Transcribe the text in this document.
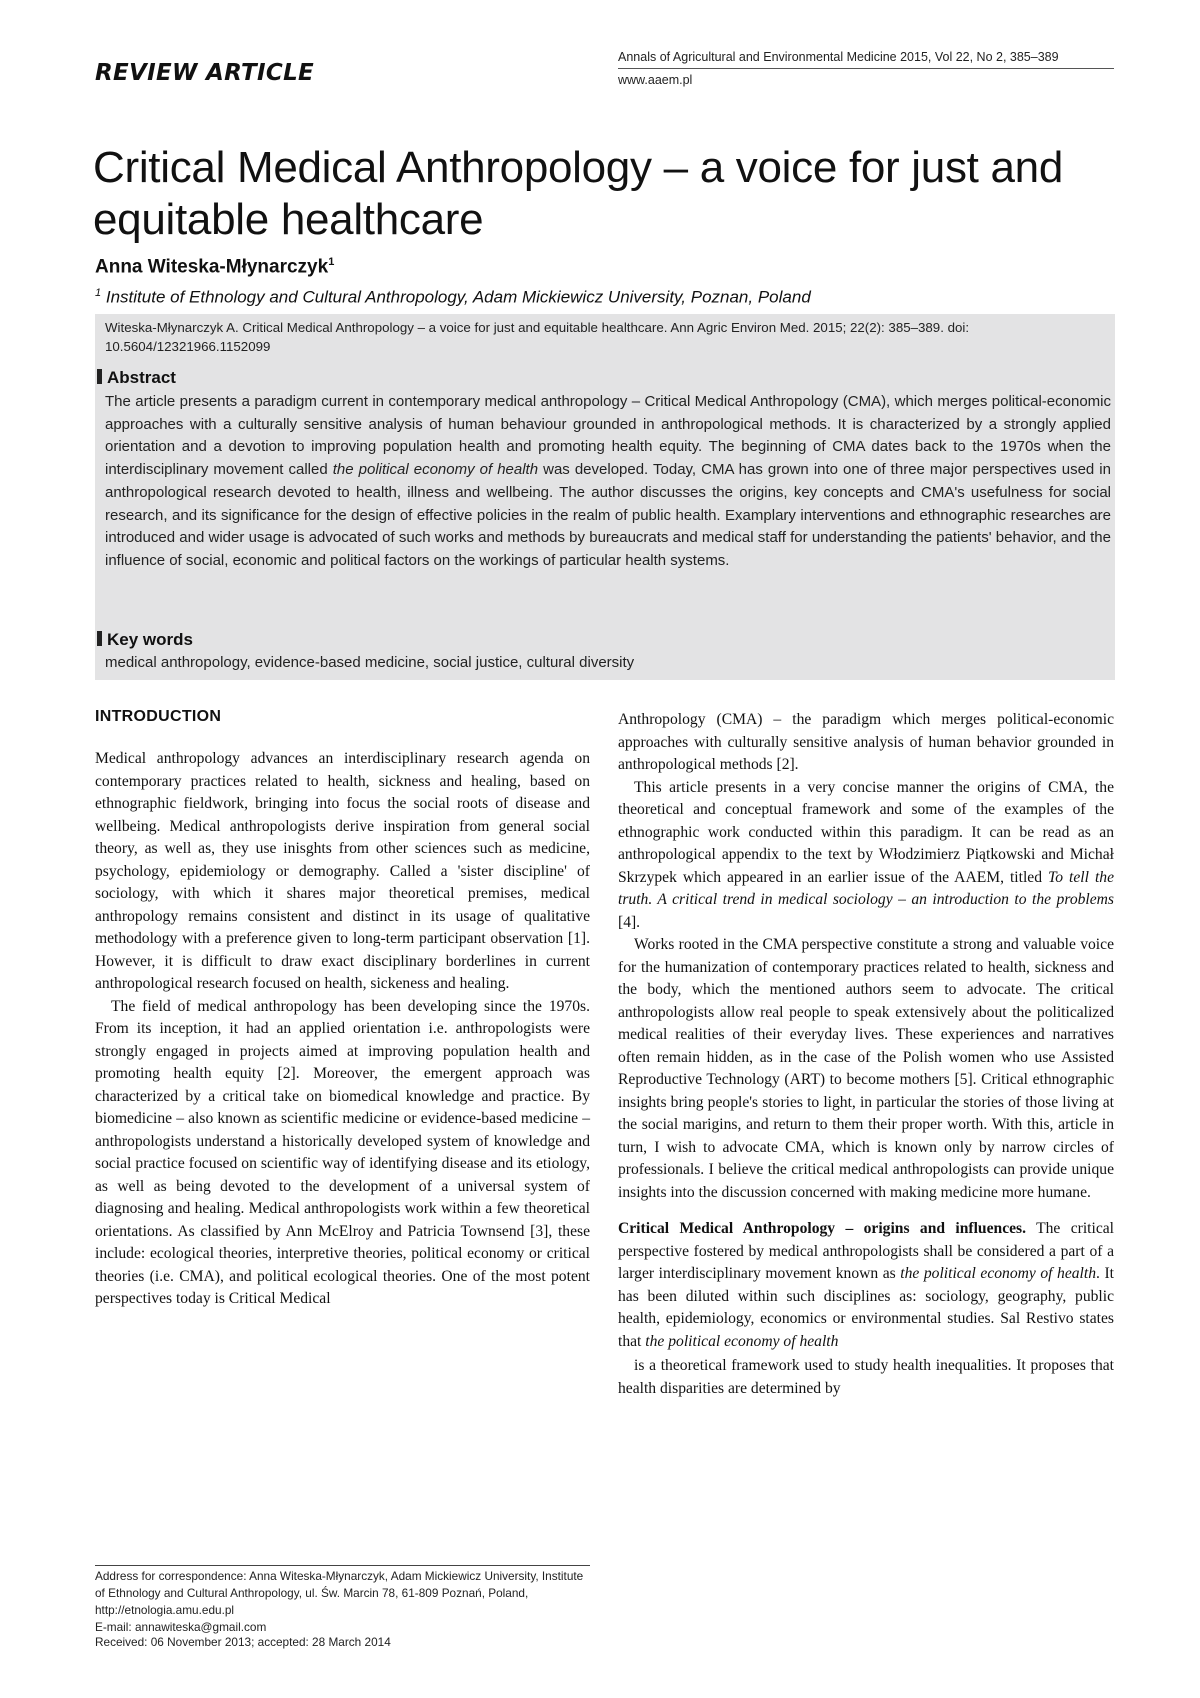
REVIEW ARTICLE
Annals of Agricultural and Environmental Medicine 2015, Vol 22, No 2, 385–389
www.aaem.pl
Critical Medical Anthropology – a voice for just and equitable healthcare
Anna Witeska-Młynarczyk$^1$
$^1$ Institute of Ethnology and Cultural Anthropology, Adam Mickiewicz University, Poznan, Poland
Witeska-Młynarczyk A. Critical Medical Anthropology – a voice for just and equitable healthcare. Ann Agric Environ Med. 2015; 22(2): 385–389. doi: 10.5604/12321966.1152099
Abstract
The article presents a paradigm current in contemporary medical anthropology – Critical Medical Anthropology (CMA), which merges political-economic approaches with a culturally sensitive analysis of human behaviour grounded in anthropological methods. It is characterized by a strongly applied orientation and a devotion to improving population health and promoting health equity. The beginning of CMA dates back to the 1970s when the interdisciplinary movement called the political economy of health was developed. Today, CMA has grown into one of three major perspectives used in anthropological research devoted to health, illness and wellbeing. The author discusses the origins, key concepts and CMA's usefulness for social research, and its significance for the design of effective policies in the realm of public health. Examplary interventions and ethnographic researches are introduced and wider usage is advocated of such works and methods by bureaucrats and medical staff for understanding the patients' behavior, and the influence of social, economic and political factors on the workings of particular health systems.
Key words
medical anthropology, evidence-based medicine, social justice, cultural diversity
INTRODUCTION

Medical anthropology advances an interdisciplinary research agenda on contemporary practices related to health, sickness and healing, based on ethnographic fieldwork, bringing into focus the social roots of disease and wellbeing. Medical anthropologists derive inspiration from general social theory, as well as, they use inisghts from other sciences such as medicine, psychology, epidemiology or demography. Called a 'sister discipline' of sociology, with which it shares major theoretical premises, medical anthropology remains consistent and distinct in its usage of qualitative methodology with a preference given to long-term participant observation [1]. However, it is difficult to draw exact disciplinary borderlines in current anthropological research focused on health, sickeness and healing.

The field of medical anthropology has been developing since the 1970s. From its inception, it had an applied orientation i.e. anthropologists were strongly engaged in projects aimed at improving population health and promoting health equity [2]. Moreover, the emergent approach was characterized by a critical take on biomedical knowledge and practice. By biomedicine – also known as scientific medicine or evidence-based medicine – anthropologists understand a historically developed system of knowledge and social practice focused on scientific way of identifying disease and its etiology, as well as being devoted to the development of a universal system of diagnosing and healing. Medical anthropologists work within a few theoretical orientations. As classified by Ann McElroy and Patricia Townsend [3], these include: ecological theories, interpretive theories, political economy or critical theories (i.e. CMA), and political ecological theories. One of the most potent perspectives today is Critical Medical

Anthropology (CMA) – the paradigm which merges political-economic approaches with culturally sensitive analysis of human behavior grounded in anthropological methods [2].

This article presents in a very concise manner the origins of CMA, the theoretical and conceptual framework and some of the examples of the ethnographic work conducted within this paradigm. It can be read as an anthropological appendix to the text by Włodzimierz Piątkowski and Michał Skrzypek which appeared in an earlier issue of the AAEM, titled To tell the truth. A critical trend in medical sociology – an introduction to the problems [4].

Works rooted in the CMA perspective constitute a strong and valuable voice for the humanization of contemporary practices related to health, sickness and the body, which the mentioned authors seem to advocate. The critical anthropologists allow real people to speak extensively about the politicalized medical realities of their everyday lives. These experiences and narratives often remain hidden, as in the case of the Polish women who use Assisted Reproductive Technology (ART) to become mothers [5]. Critical ethnographic insights bring people's stories to light, in particular the stories of those living at the social marigins, and return to them their proper worth. With this, article in turn, I wish to advocate CMA, which is known only by narrow circles of professionals. I believe the critical medical anthropologists can provide unique insights into the discussion concerned with making medicine more humane.

Critical Medical Anthropology – origins and influences. The critical perspective fostered by medical anthropologists shall be considered a part of a larger interdisciplinary movement known as the political economy of health. It has been diluted within such disciplines as: sociology, geography, public health, epidemiology, economics or environmental studies. Sal Restivo states that the political economy of health

is a theoretical framework used to study health inequalities. It proposes that health disparities are determined by

Address for correspondence: Anna Witeska-Młynarczyk, Adam Mickiewicz University, Institute of Ethnology and Cultural Anthropology, ul. Św. Marcin 78, 61-809 Poznań, Poland, http://etnologia.amu.edu.pl

E-mail: annawiteska@gmail.com

Received: 06 November 2013; accepted: 28 March 2014
